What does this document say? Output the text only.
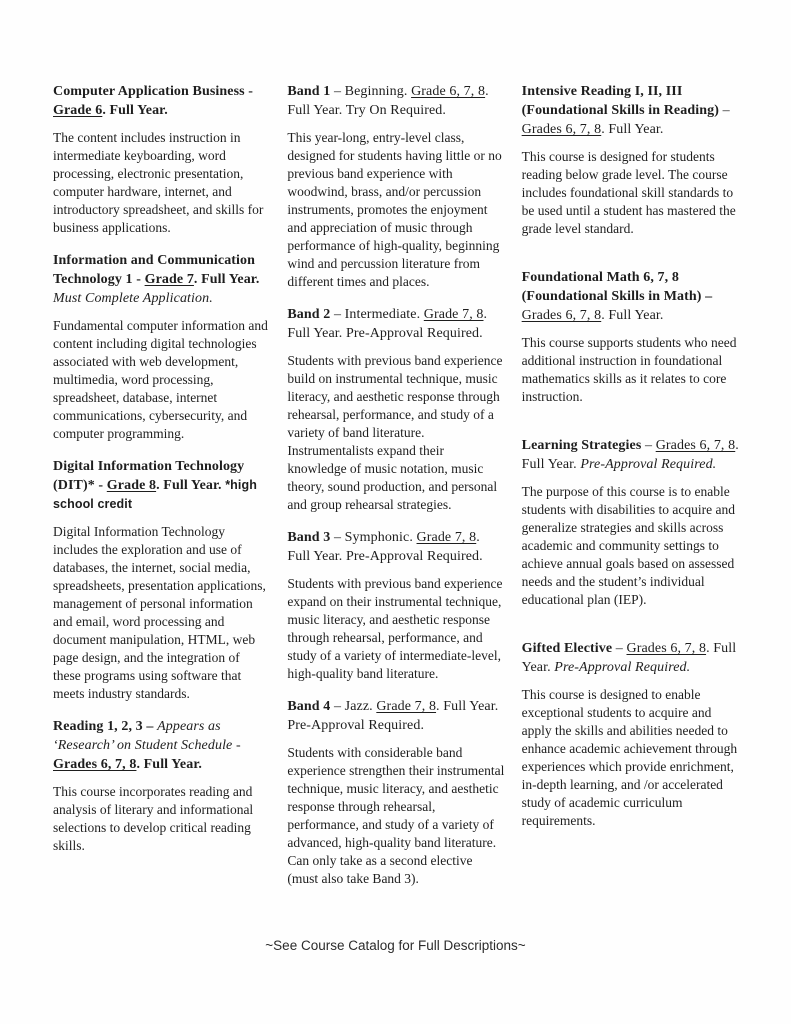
Computer Application Business - Grade 6. Full Year.

The content includes instruction in intermediate keyboarding, word processing, electronic presentation, computer hardware, internet, and introductory spreadsheet, and skills for business applications.

Information and Communication Technology 1 - Grade 7. Full Year. Must Complete Application.

Fundamental computer information and content including digital technologies associated with web development, multimedia, word processing, spreadsheet, database, internet communications, cybersecurity, and computer programming.

Digital Information Technology (DIT)* - Grade 8. Full Year. *high school credit

Digital Information Technology includes the exploration and use of databases, the internet, social media, spreadsheets, presentation applications, management of personal information and email, word processing and document manipulation, HTML, web page design, and the integration of these programs using software that meets industry standards.

Reading 1, 2, 3 – Appears as ‘Research’ on Student Schedule - Grades 6, 7, 8. Full Year.

This course incorporates reading and analysis of literary and informational selections to develop critical reading skills.

Band 1 – Beginning. Grade 6, 7, 8. Full Year. Try On Required.

This year-long, entry-level class, designed for students having little or no previous band experience with woodwind, brass, and/or percussion instruments, promotes the enjoyment and appreciation of music through performance of high-quality, beginning wind and percussion literature from different times and places.

Band 2 – Intermediate. Grade 7, 8. Full Year. Pre-Approval Required.

Students with previous band experience build on instrumental technique, music literacy, and aesthetic response through rehearsal, performance, and study of a variety of band literature. Instrumentalists expand their knowledge of music notation, music theory, sound production, and personal and group rehearsal strategies.

Band 3 – Symphonic. Grade 7, 8. Full Year. Pre-Approval Required.

Students with previous band experience expand on their instrumental technique, music literacy, and aesthetic response through rehearsal, performance, and study of a variety of intermediate-level, high-quality band literature.

Band 4 – Jazz. Grade 7, 8. Full Year. Pre-Approval Required.

Students with considerable band experience strengthen their instrumental technique, music literacy, and aesthetic response through rehearsal, performance, and study of a variety of advanced, high-quality band literature. Can only take as a second elective (must also take Band 3).

Intensive Reading I, II, III (Foundational Skills in Reading) – Grades 6, 7, 8. Full Year.

This course is designed for students reading below grade level. The course includes foundational skill standards to be used until a student has mastered the grade level standard.

Foundational Math 6, 7, 8 (Foundational Skills in Math) – Grades 6, 7, 8. Full Year.

This course supports students who need additional instruction in foundational mathematics skills as it relates to core instruction.

Learning Strategies – Grades 6, 7, 8. Full Year. Pre-Approval Required.

The purpose of this course is to enable students with disabilities to acquire and generalize strategies and skills across academic and community settings to achieve annual goals based on assessed needs and the student’s individual educational plan (IEP).

Gifted Elective – Grades 6, 7, 8. Full Year. Pre-Approval Required.

This course is designed to enable exceptional students to acquire and apply the skills and abilities needed to enhance academic achievement through experiences which provide enrichment, in-depth learning, and /or accelerated study of academic curriculum requirements.

~See Course Catalog for Full Descriptions~
